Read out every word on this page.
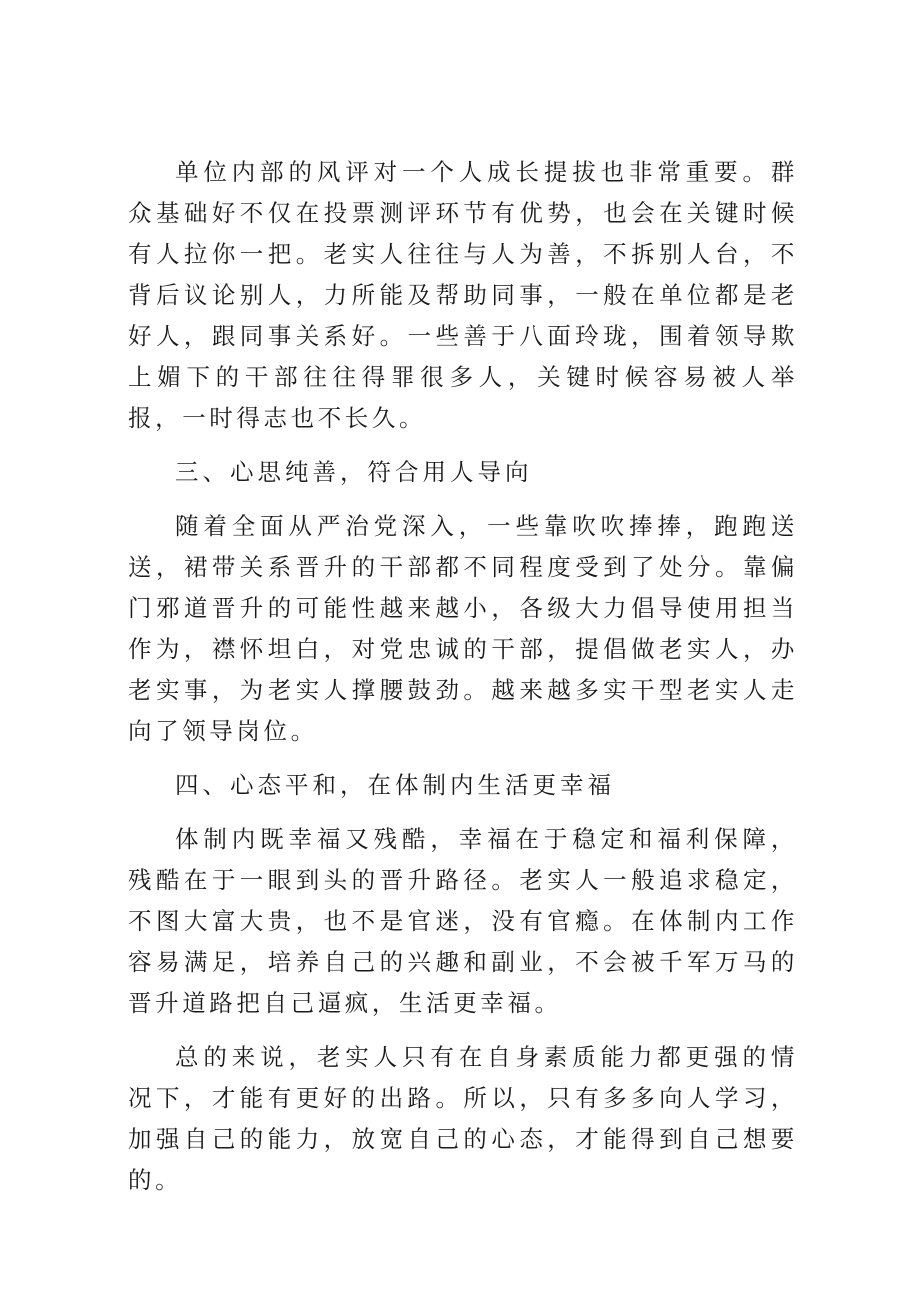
单位内部的风评对一个人成长提拔也非常重要。群众基础好不仅在投票测评环节有优势，也会在关键时候有人拉你一把。老实人往往与人为善，不拆别人台，不背后议论别人，力所能及帮助同事，一般在单位都是老好人，跟同事关系好。一些善于八面玲珑，围着领导欺上媚下的干部往往得罪很多人，关键时候容易被人举报，一时得志也不长久。

三、心思纯善，符合用人导向

随着全面从严治党深入，一些靠吹吹捧捧，跑跑送送，裙带关系晋升的干部都不同程度受到了处分。靠偏门邪道晋升的可能性越来越小，各级大力倡导使用担当作为，襟怀坦白，对党忠诚的干部，提倡做老实人，办老实事，为老实人撑腰鼓劲。越来越多实干型老实人走向了领导岗位。

四、心态平和，在体制内生活更幸福

体制内既幸福又残酷，幸福在于稳定和福利保障，残酷在于一眼到头的晋升路径。老实人一般追求稳定，不图大富大贵，也不是官迷，没有官瘾。在体制内工作容易满足，培养自己的兴趣和副业，不会被千军万马的晋升道路把自己逼疯，生活更幸福。

总的来说，老实人只有在自身素质能力都更强的情况下，才能有更好的出路。所以，只有多多向人学习，加强自己的能力，放宽自己的心态，才能得到自己想要的。
